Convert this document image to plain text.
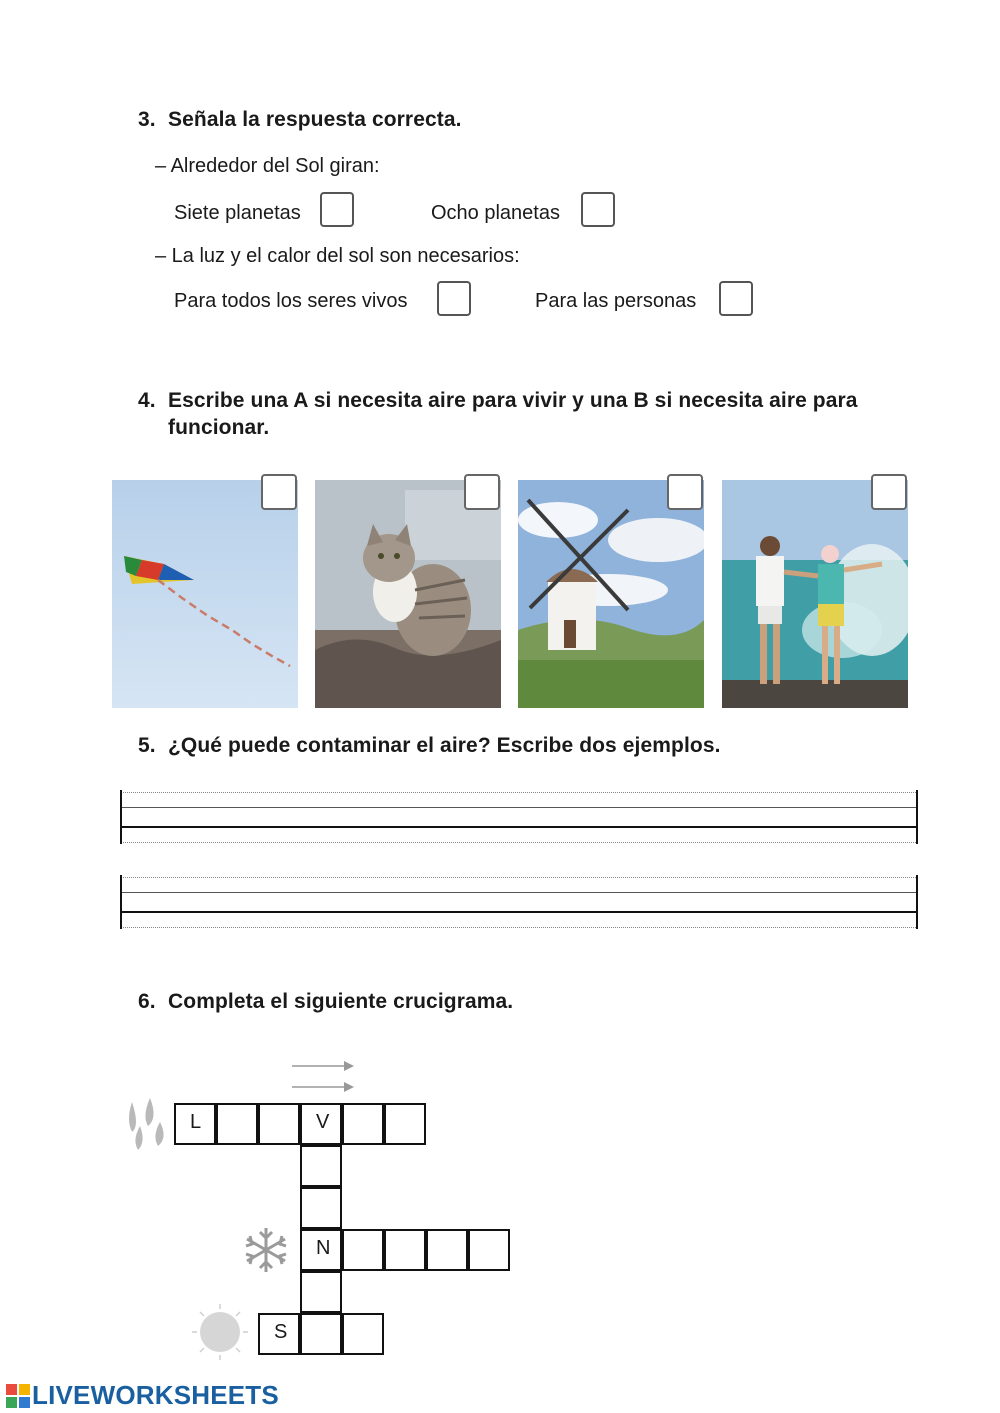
3. Señala la respuesta correcta.
– Alrededor del Sol giran:
Siete planetas	Ocho planetas
– La luz y el calor del sol son necesarios:
Para todos los seres vivos	Para las personas
4. Escribe una A si necesita aire para vivir y una B si necesita aire para
funcionar.
5. ¿Qué puede contaminar el aire? Escribe dos ejemplos.
6. Completa el siguiente crucigrama.
L	V
N
S
LIVEWORKSHEETS
